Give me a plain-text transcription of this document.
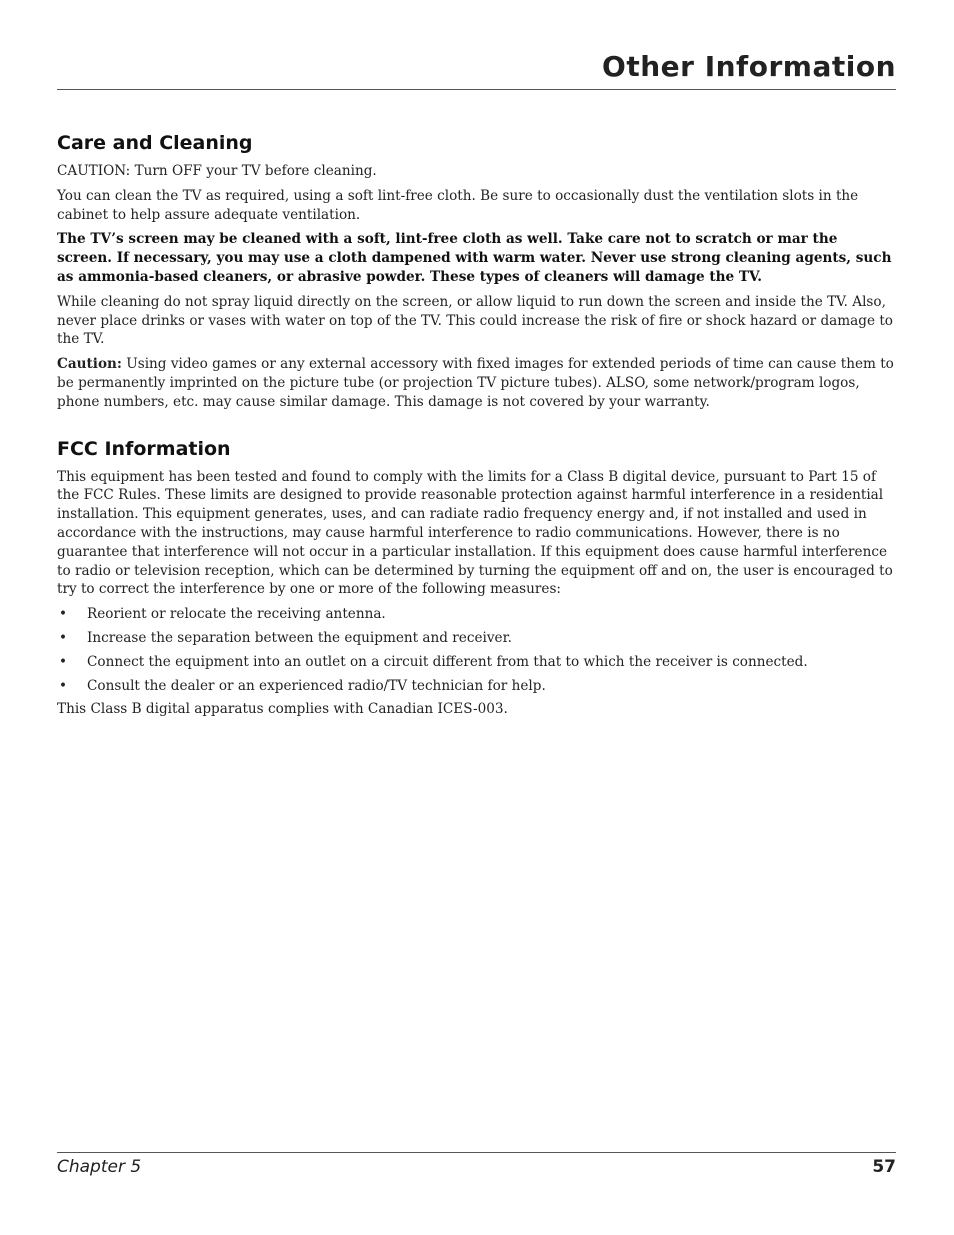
Other Information
Care and Cleaning

CAUTION: Turn OFF your TV before cleaning.

You can clean the TV as required, using a soft lint-free cloth. Be sure to occasionally dust the ventilation slots in the cabinet to help assure adequate ventilation.

The TV’s screen may be cleaned with a soft, lint-free cloth as well. Take care not to scratch or mar the screen. If necessary, you may use a cloth dampened with warm water. Never use strong cleaning agents, such as ammonia-based cleaners, or abrasive powder. These types of cleaners will damage the TV.

While cleaning do not spray liquid directly on the screen, or allow liquid to run down the screen and inside the TV. Also, never place drinks or vases with water on top of the TV. This could increase the risk of fire or shock hazard or damage to the TV.

Caution: Using video games or any external accessory with fixed images for extended periods of time can cause them to be permanently imprinted on the picture tube (or projection TV picture tubes). ALSO, some network/program logos, phone numbers, etc. may cause similar damage. This damage is not covered by your warranty.

FCC Information

This equipment has been tested and found to comply with the limits for a Class B digital device, pursuant to Part 15 of the FCC Rules. These limits are designed to provide reasonable protection against harmful interference in a residential installation. This equipment generates, uses, and can radiate radio frequency energy and, if not installed and used in accordance with the instructions, may cause harmful interference to radio communications. However, there is no guarantee that interference will not occur in a particular installation. If this equipment does cause harmful interference to radio or television reception, which can be determined by turning the equipment off and on, the user is encouraged to try to correct the interference by one or more of the following measures:

•	Reorient or relocate the receiving antenna.
•	Increase the separation between the equipment and receiver.
•	Connect the equipment into an outlet on a circuit different from that to which the receiver is connected.
•	Consult the dealer or an experienced radio/TV technician for help.

This Class B digital apparatus complies with Canadian ICES-003.

Chapter 5	57
